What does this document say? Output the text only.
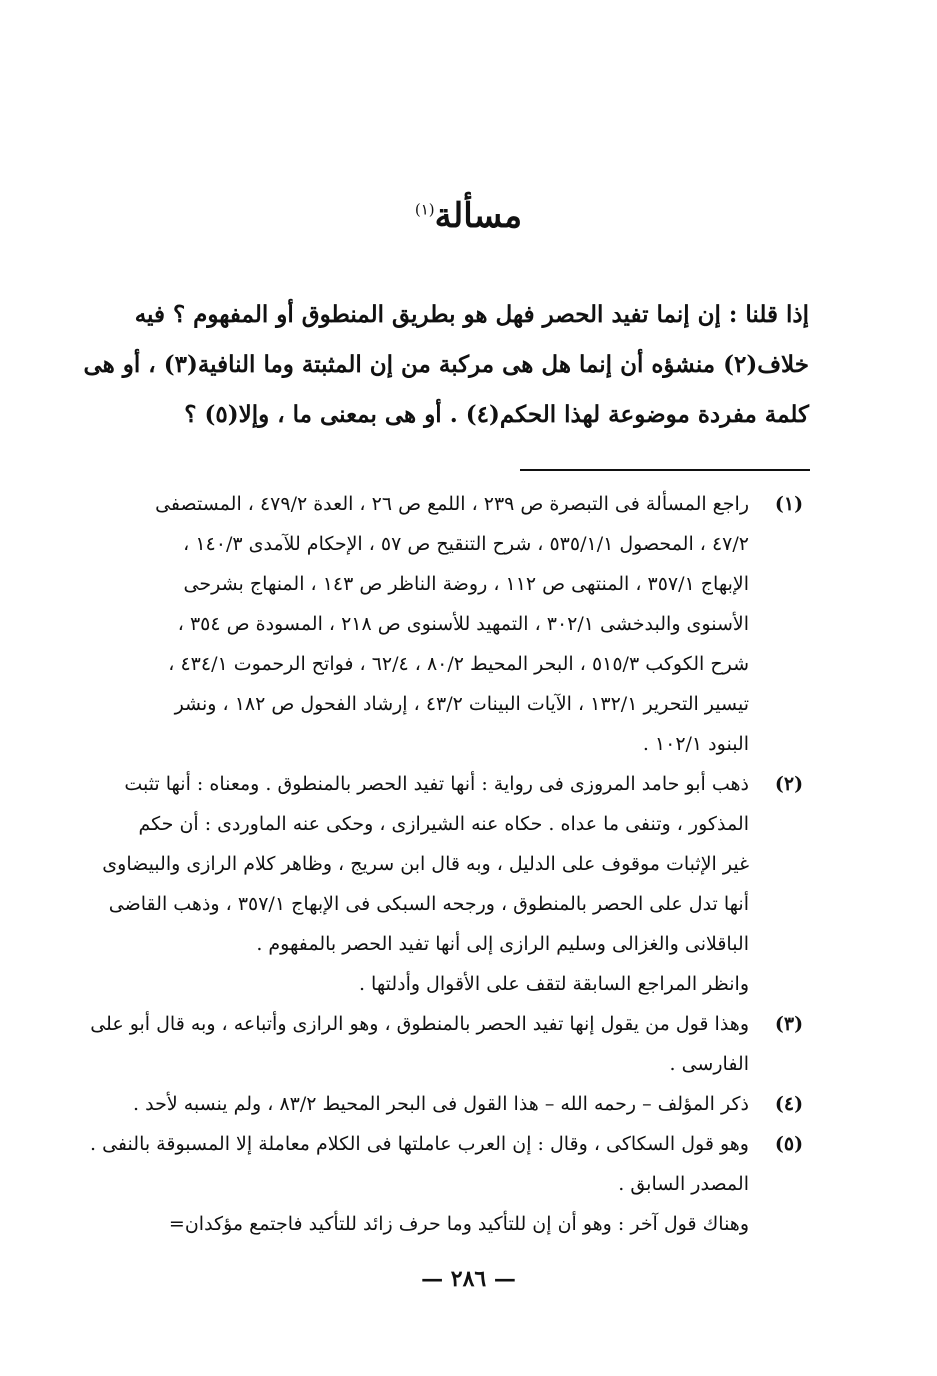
مسألة$^{(١)}$
إذا قلنا : إن إنما تفيد الحصر فهل هو بطريق المنطوق أو المفهوم ؟ فيه
خلاف(٢) منشؤه أن إنما هل هى مركبة من إن المثبتة وما النافية(٣) ، أو هى
كلمة مفردة موضوعة لهذا الحكم(٤) . أو هى بمعنى ما ، وإلا(٥) ؟
(١)
راجع المسألة فى التبصرة ص ٢٣٩ ، اللمع ص ٢٦ ، العدة ٤٧٩/٢ ، المستصفى
٤٧/٢ ، المحصول ٥٣٥/١/١ ، شرح التنقيح ص ٥٧ ، الإحكام للآمدى ١٤٠/٣ ،
الإبهاج ٣٥٧/١ ، المنتهى ص ١١٢ ، روضة الناظر ص ١٤٣ ، المنهاج بشرحى
الأسنوى والبدخشى ٣٠٢/١ ، التمهيد للأسنوى ص ٢١٨ ، المسودة ص ٣٥٤ ،
شرح الكوكب ٥١٥/٣ ، البحر المحيط ٨٠/٢ ، ٦٢/٤ ، فواتح الرحموت ٤٣٤/١ ،
تيسير التحرير ١٣٢/١ ، الآيات البينات ٤٣/٢ ، إرشاد الفحول ص ١٨٢ ، ونشر
البنود ١٠٢/١ .
(٢)
ذهب أبو حامد المروزى فى رواية : أنها تفيد الحصر بالمنطوق . ومعناه : أنها تثبت
المذكور ، وتنفى ما عداه . حكاه عنه الشيرازى ، وحكى عنه الماوردى : أن حكم
غير الإثبات موقوف على الدليل ، وبه قال ابن سريج ، وظاهر كلام الرازى والبيضاوى
أنها تدل على الحصر بالمنطوق ، ورجحه السبكى فى الإبهاج ٣٥٧/١ ، وذهب القاضى
الباقلانى والغزالى وسليم الرازى إلى أنها تفيد الحصر بالمفهوم .
وانظر المراجع السابقة لتقف على الأقوال وأدلتها .
(٣)
وهذا قول من يقول إنها تفيد الحصر بالمنطوق ، وهو الرازى وأتباعه ، وبه قال أبو على
الفارسى .
(٤)
ذكر المؤلف – رحمه الله – هذا القول فى البحر المحيط ٨٣/٢ ، ولم ينسبه لأحد .
(٥)
وهو قول السكاكى ، وقال : إن العرب عاملتها فى الكلام معاملة إلا المسبوقة بالنفى .
المصدر السابق .
وهناك قول آخر : وهو أن إن للتأكيد وما حرف زائد للتأكيد فاجتمع مؤكدان=
— ٢٨٦ —
